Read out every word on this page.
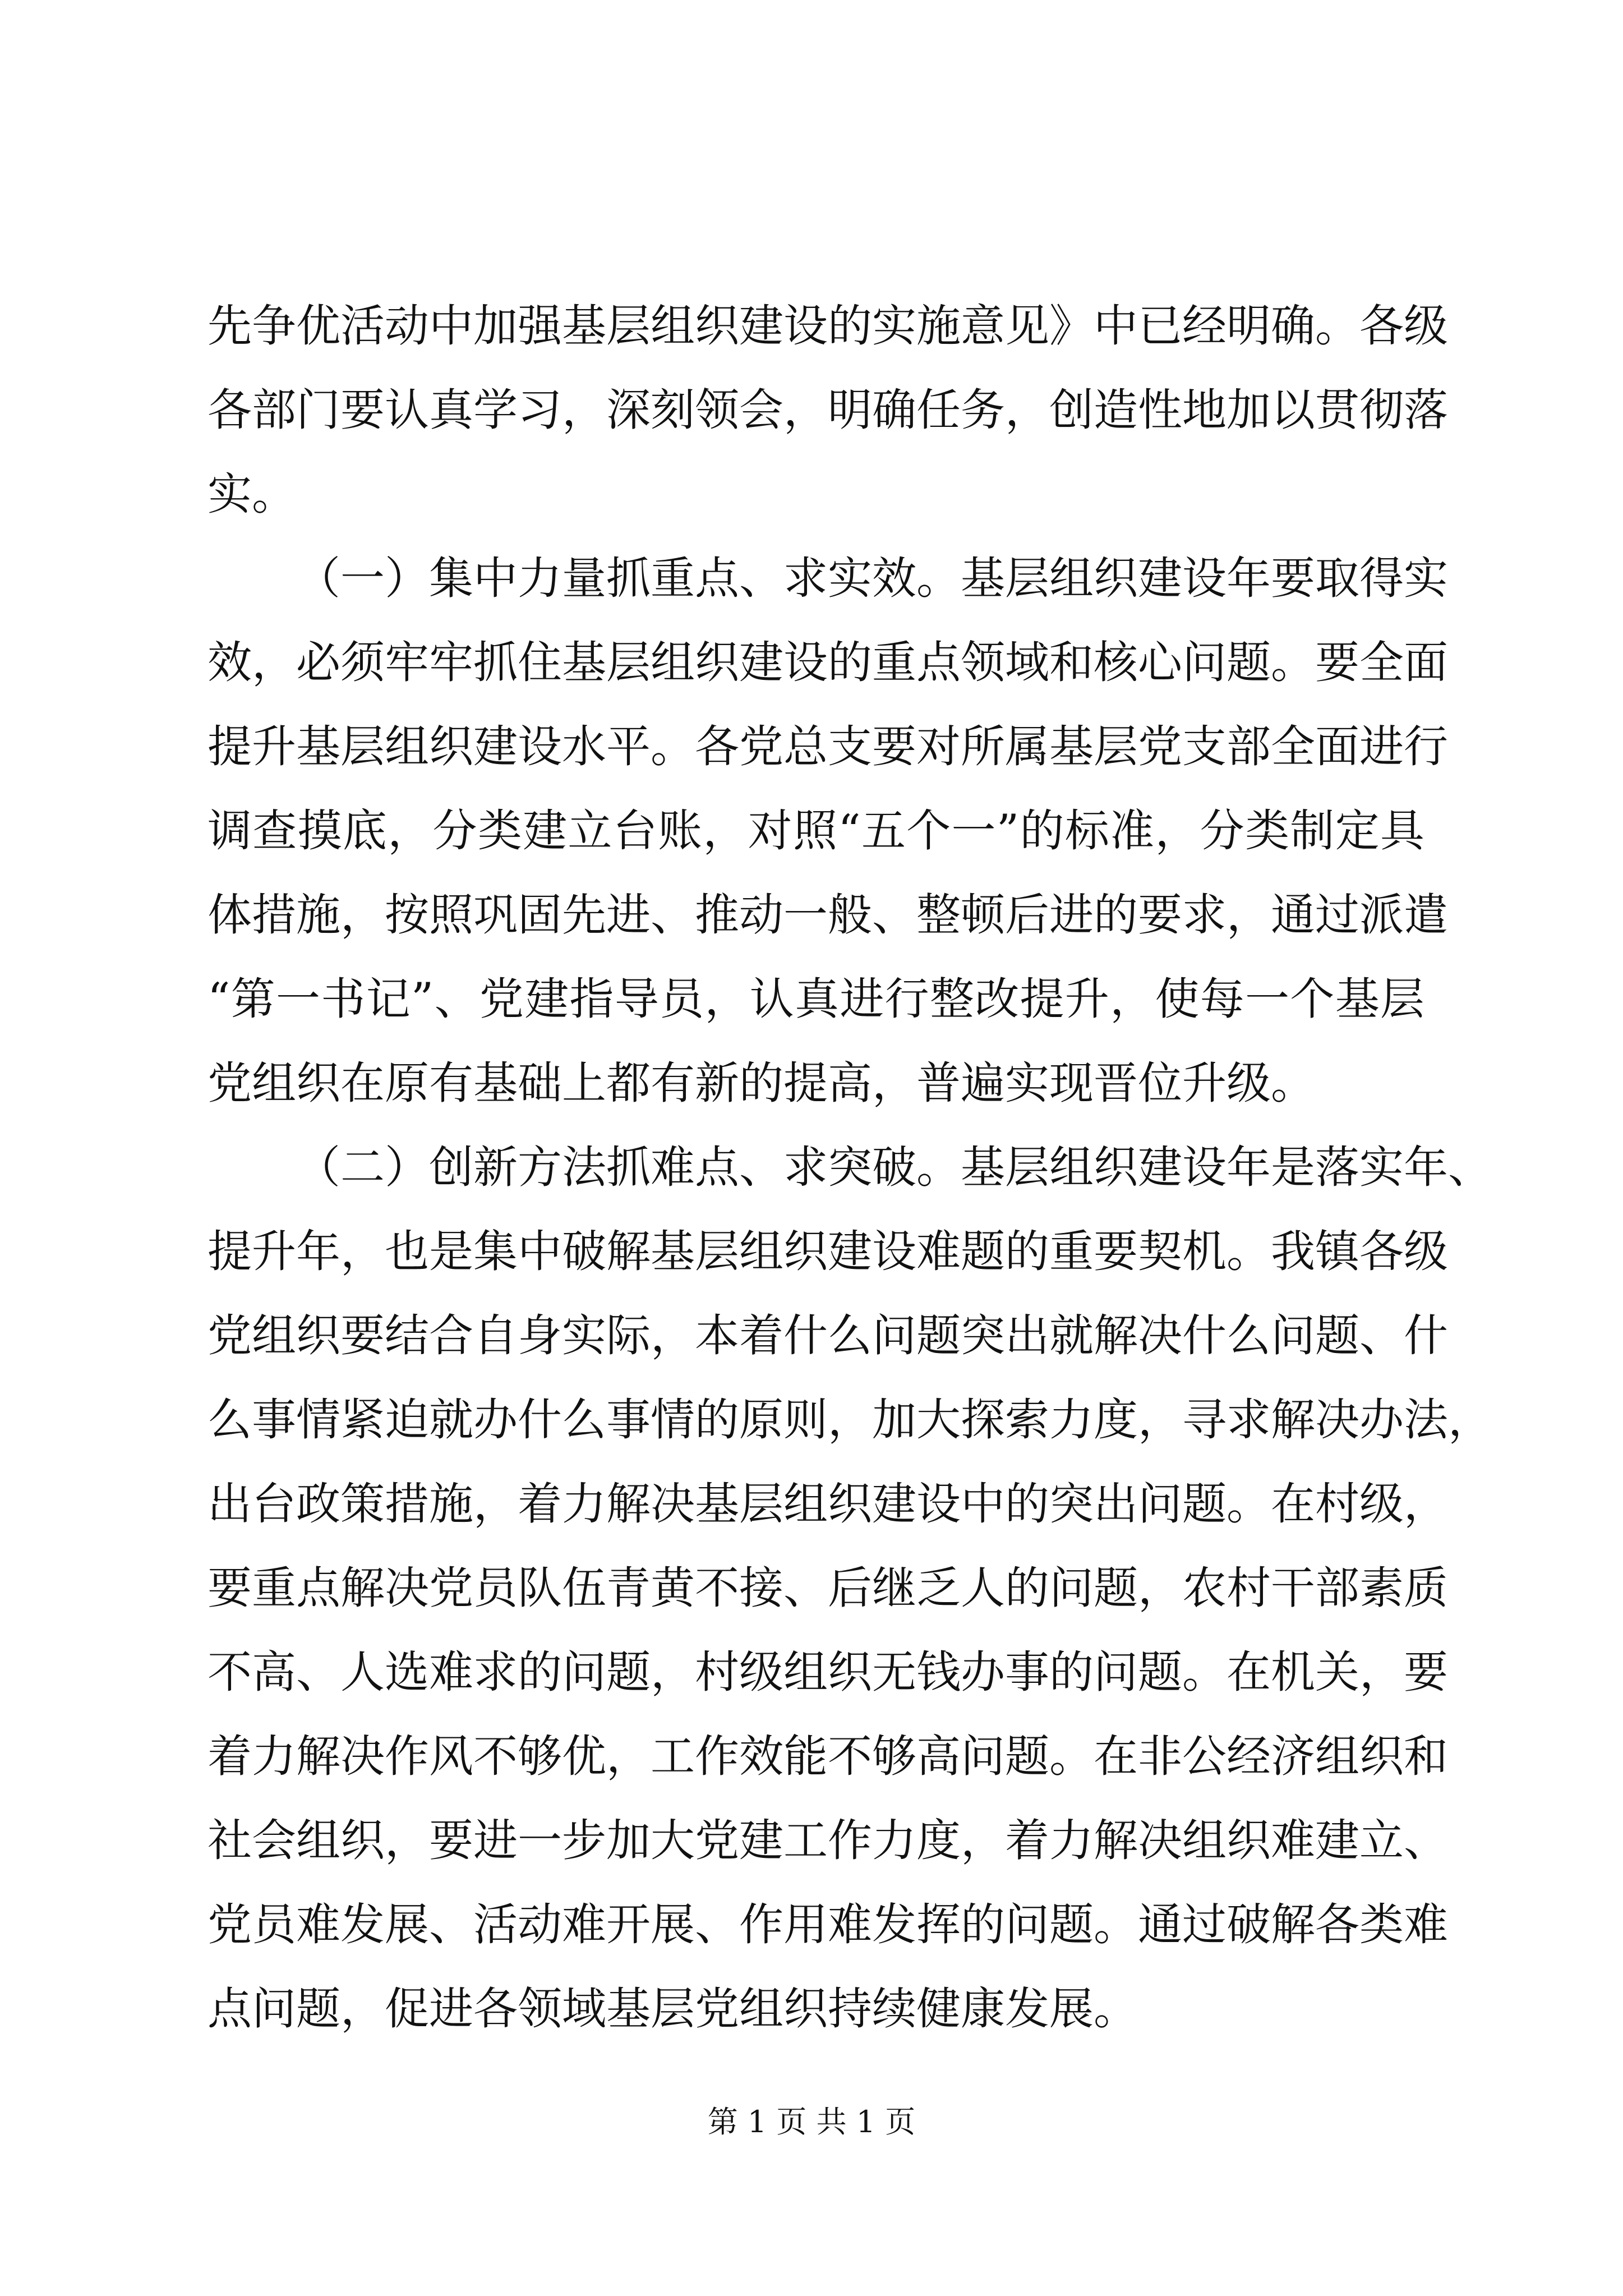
先争优活动中加强基层组织建设的实施意见》中已经明确。各级
各部门要认真学习，深刻领会，明确任务，创造性地加以贯彻落
实。
（一）集中力量抓重点、求实效。基层组织建设年要取得实
效，必须牢牢抓住基层组织建设的重点领域和核心问题。要全面
提升基层组织建设水平。各党总支要对所属基层党支部全面进行
调查摸底，分类建立台账，对照“五个一”的标准，分类制定具
体措施，按照巩固先进、推动一般、整顿后进的要求，通过派遣
“第一书记”、党建指导员，认真进行整改提升，使每一个基层
党组织在原有基础上都有新的提高，普遍实现晋位升级。
（二）创新方法抓难点、求突破。基层组织建设年是落实年、
提升年，也是集中破解基层组织建设难题的重要契机。我镇各级
党组织要结合自身实际，本着什么问题突出就解决什么问题、什
么事情紧迫就办什么事情的原则，加大探索力度，寻求解决办法，
出台政策措施，着力解决基层组织建设中的突出问题。在村级，
要重点解决党员队伍青黄不接、后继乏人的问题，农村干部素质
不高、人选难求的问题，村级组织无钱办事的问题。在机关，要
着力解决作风不够优，工作效能不够高问题。在非公经济组织和
社会组织，要进一步加大党建工作力度，着力解决组织难建立、
党员难发展、活动难开展、作用难发挥的问题。通过破解各类难
点问题，促进各领域基层党组织持续健康发展。
第 1 页 共 1 页
